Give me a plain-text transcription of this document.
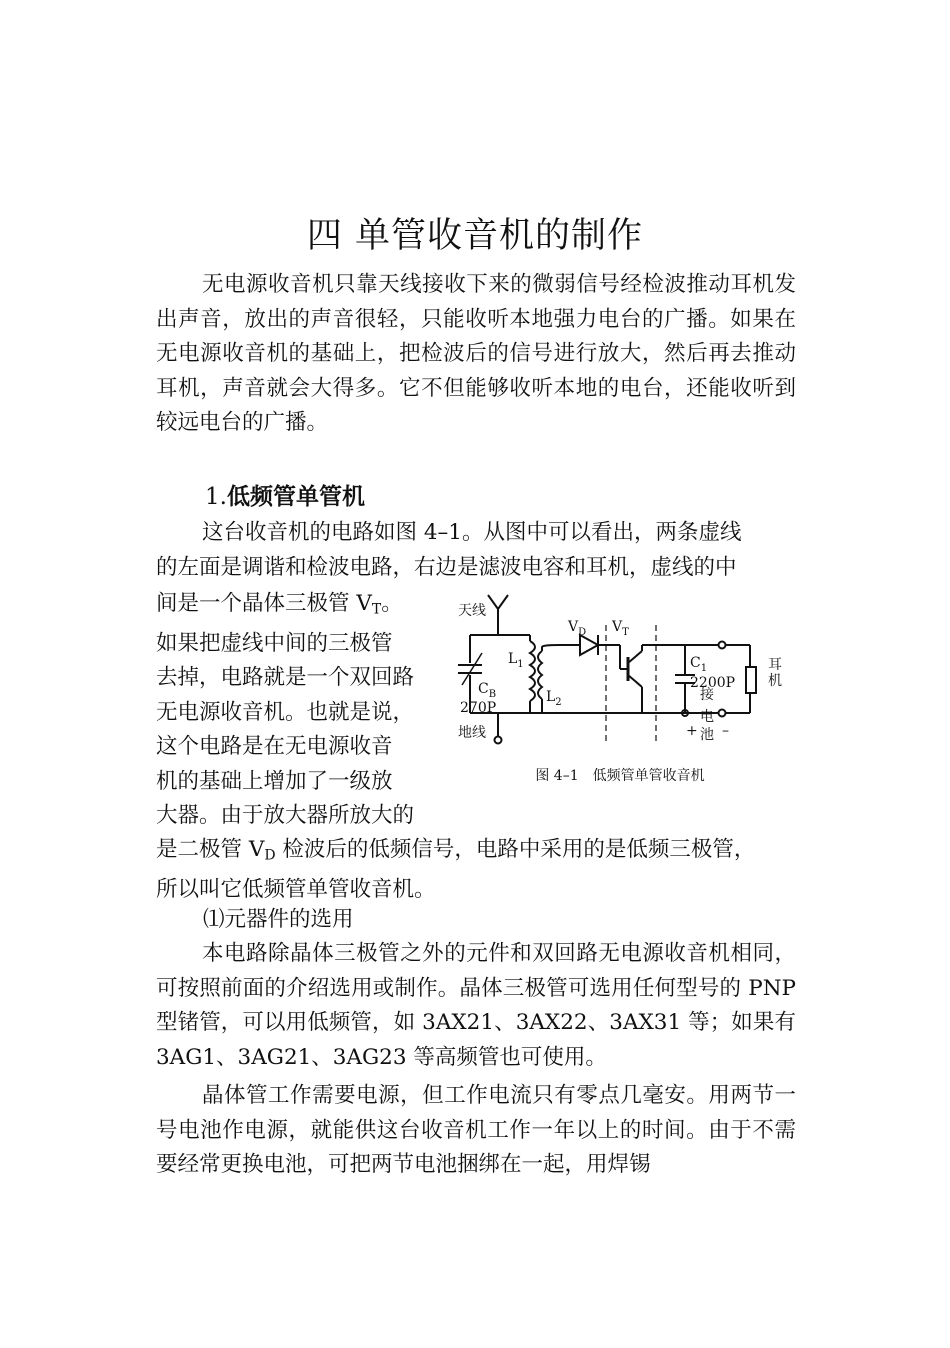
四 单管收音机的制作

无电源收音机只靠天线接收下来的微弱信号经检波推动耳机发出声音，放出的声音很轻，只能收听本地强力电台的广播。如果在无电源收音机的基础上，把检波后的信号进行放大，然后再去推动耳机，声音就会大得多。它不但能够收听本地的电台，还能收听到较远电台的广播。

1.低频管单管机
这台收音机的电路如图 4–1。从图中可以看出，两条虚线
的左面是调谐和检波电路，右边是滤波电容和耳机，虚线的中
间是一个晶体三极管 $V_T$。
如果把虚线中间的三极管
去掉，电路就是一个双回路
无电源收音机。也就是说，
这个电路是在无电源收音
机的基础上增加了一级放
大器。由于放大器所放大的
是二极管 $V_D$ 检波后的低频信号，电路中采用的是低频三极管，
所以叫它低频管单管收音机。
⑴元器件的选用

本电路除晶体三极管之外的元件和双回路无电源收音机相同，可按照前面的介绍选用或制作。晶体三极管可选用任何型号的 PNP 型锗管，可以用低频管，如 3AX21、3AX22、3AX31 等；如果有 3AG1、3AG21、3AG23 等高频管也可使用。

晶体管工作需要电源，但工作电流只有零点几毫安。用两节一号电池作电源，就能供这台收音机工作一年以上的时间。由于不需要经常更换电池，可把两节电池捆绑在一起，用焊锡

天线
地线
$L_1$
$L_2$
$C_B$
270P
$V_D$ $V_T$
$C_1$
2200P
耳
机
接
电
池
+ –
图 4–1　低频管单管收音机
